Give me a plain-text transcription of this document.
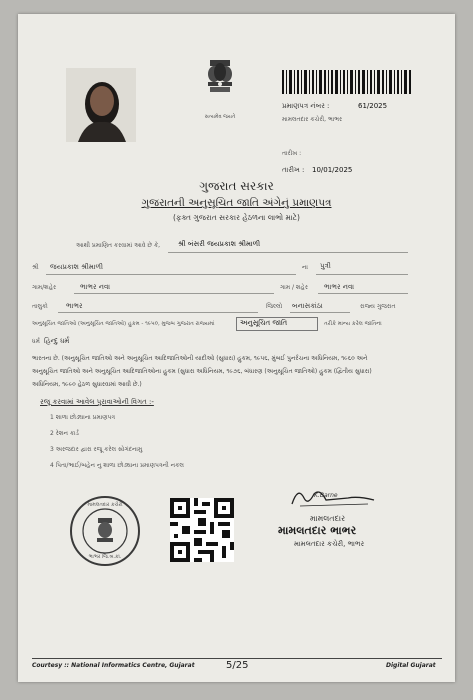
સત્યમેવ જયતે
પ્રમાણપત્ર નંબર :	61/2025
મામલતદાર કચેરી, ભાભર
તારીખ :
તારીખ : 10/01/2025
ગુજરાત સરકાર
ગુજરાતની અનુસૂચિત જાતિ અંગેનું પ્રમાણપત્ર
(ફક્ત ગુજરાત સરકાર હેઠળના લાભો માટે)
આથી પ્રમાણિત કરવામાં આવે છે કે,	શ્રી બંસરી જયપ્રકાશ શ્રીમાળી
શ્રી જયપ્રકાશ શ્રીમાળી	ના પુત્રી
ગામ/શહેર	ભાભર નવા	ગામ / શહેર ભાભર નવા
તાલુકો	ભાભર	જિલ્લો બનાસકાંઠા	રાજ્ય ગુજરાત
અનુસૂચિત જાતિઓ (અનુસૂચિત જાતિઓ) હુકમ - ૧૯૫૦, મુજબ ગુજરાત રાજ્યમાં	અનુસૂચિત જાતિ	તરીકે માન્ય કરેલ જાતિના
ધર્મ હિન્દુ ધર્મ
ભારતના છે. (અનુસૂચિત જાતિઓ અને અનુસૂચિત આદિજાતિઓની યાદીઓ (સુધારા) હુકમ, ૧૯૫૬, મુંબઈ પુનર્રચના અધિનિયમ, ૧૯૬૦ અને
અનુસૂચિત જાતિઓ અને અનુસૂચિત આદિજાતિઓના હુકમ (સુધારા અધિનિયમ, ૧૯૭૬, બંધારણ (અનુસૂચિત જાતિઓ) હુકમ (દ્વિતીય સુધારા)
અધિનિયમ, ૧૯૯૦ હેઠળ સુધારવામાં આવી છે.)
રજૂ કરવામાં આવેલ પુરાવાઓની વિગત :-
1 શાળા છોડ્યાના પ્રમાણપત્ર
2 રેશન કાર્ડ
3 અરજદાર દ્વારા રજૂ કરેલ સોગંદનામુ
4 પિતા/ભાઈ/બહેન નુ શાળા છોડ્યાના પ્રમાણપત્રની નકલ
મામલતદાર કચેરી
ભાભર જિ.બ.કાં.
K.Barne
મામલતદાર
મામલતદાર ભાભર
મામલતદાર કચેરી, ભાભર
Courtesy :: National Informatics Centre, Gujarat	5/25	Digital Gujarat
